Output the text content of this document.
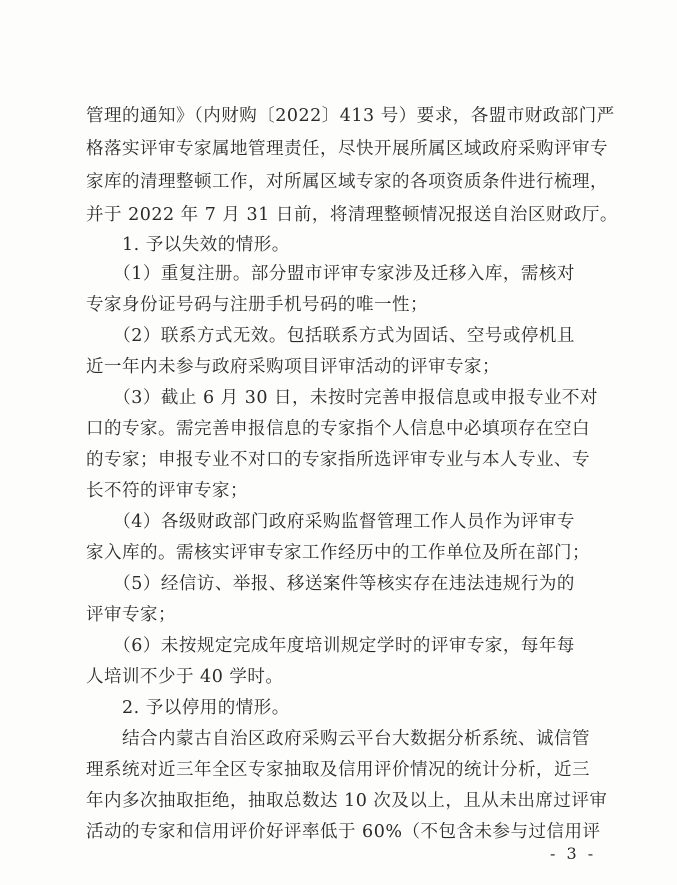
管理的通知》（内财购〔2022〕413 号）要求，各盟市财政部门严
格落实评审专家属地管理责任，尽快开展所属区域政府采购评审专
家库的清理整顿工作，对所属区域专家的各项资质条件进行梳理，
并于 2022 年 7 月 31 日前，将清理整顿情况报送自治区财政厅。
　　1. 予以失效的情形。
　　（1）重复注册。部分盟市评审专家涉及迁移入库，需核对
专家身份证号码与注册手机号码的唯一性；
　　（2）联系方式无效。包括联系方式为固话、空号或停机且
近一年内未参与政府采购项目评审活动的评审专家；
　　（3）截止 6 月 30 日，未按时完善申报信息或申报专业不对
口的专家。需完善申报信息的专家指个人信息中必填项存在空白
的专家；申报专业不对口的专家指所选评审专业与本人专业、专
长不符的评审专家；
　　（4）各级财政部门政府采购监督管理工作人员作为评审专
家入库的。需核实评审专家工作经历中的工作单位及所在部门；
　　（5）经信访、举报、移送案件等核实存在违法违规行为的
评审专家；
　　（6）未按规定完成年度培训规定学时的评审专家，每年每
人培训不少于 40 学时。
　　2. 予以停用的情形。
　　结合内蒙古自治区政府采购云平台大数据分析系统、诚信管
理系统对近三年全区专家抽取及信用评价情况的统计分析，近三
年内多次抽取拒绝，抽取总数达 10 次及以上，且从未出席过评审
活动的专家和信用评价好评率低于 60%（不包含未参与过信用评
- 3 -
